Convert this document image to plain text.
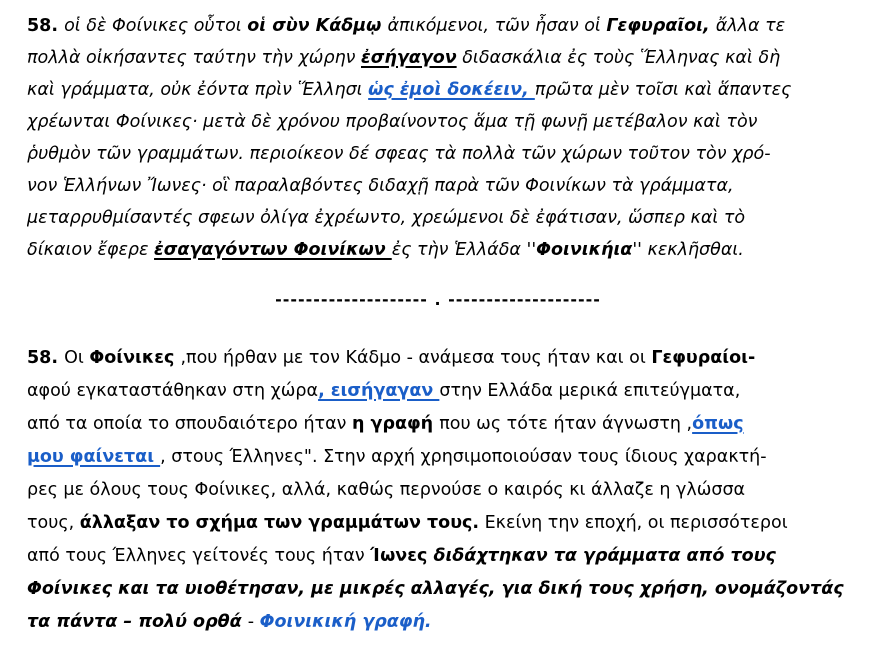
58. οἱ δὲ Φοίνικες οὗτοι οἱ σὺν Κάδμῳ ἀπικόμενοι, τῶν ἦσαν οἱ Γεφυραῖοι, ἄλλα τε
πολλὰ οἰκήσαντες ταύτην τὴν χώρην ἐσήγαγον διδασκάλια ἐς τοὺς Ἕλληνας καὶ δὴ
καὶ γράμματα, οὐκ ἐόντα πρὶν Ἕλλησι ὡς ἐμοὶ δοκέειν, πρῶτα μὲν τοῖσι καὶ ἅπαντες
χρέωνται Φοίνικες· μετὰ δὲ χρόνου προβαίνοντος ἅμα τῇ φωνῇ μετέβαλον καὶ τὸν
ῥυθμὸν τῶν γραμμάτων. περιοίκεον δέ σφεας τὰ πολλὰ τῶν χώρων τοῦτον τὸν χρό-
νον Ἑλλήνων Ἴωνες· οἳ παραλαβόντες διδαχῇ παρὰ τῶν Φοινίκων τὰ γράμματα,
μεταρρυθμίσαντές σφεων ὀλίγα ἐχρέωντο, χρεώμενοι δὲ ἐφάτισαν, ὥσπερ καὶ τὸ
δίκαιον ἔφερε ἐσαγαγόντων Φοινίκων ἐς τὴν Ἑλλάδα ''Φοινικήια'' κεκλῆσθαι.
-------------------- . --------------------
58. Οι Φοίνικες ,που ήρθαν με τον Κάδμο - ανάμεσα τους ήταν και οι Γεφυραίοι-
αφού εγκαταστάθηκαν στη χώρα, εισήγαγαν στην Ελλάδα μερικά επιτεύγματα,
από τα οποία το σπουδαιότερο ήταν η γραφή που ως τότε ήταν άγνωστη ,όπως
μου φαίνεται , στους Έλληνες". Στην αρχή χρησιμοποιούσαν τους ίδιους χαρακτή-
ρες με όλους τους Φοίνικες, αλλά, καθώς περνούσε ο καιρός κι άλλαζε η γλώσσα
τους, άλλαξαν το σχήμα των γραμμάτων τους. Εκείνη την εποχή, οι περισσότεροι
από τους Έλληνες γείτονές τους ήταν Ίωνες διδάχτηκαν τα γράμματα από τους
Φοίνικες και τα υιοθέτησαν, με μικρές αλλαγές, για δική τους χρήση, ονομάζοντάς
τα πάντα – πολύ ορθά - Φοινικική γραφή.
